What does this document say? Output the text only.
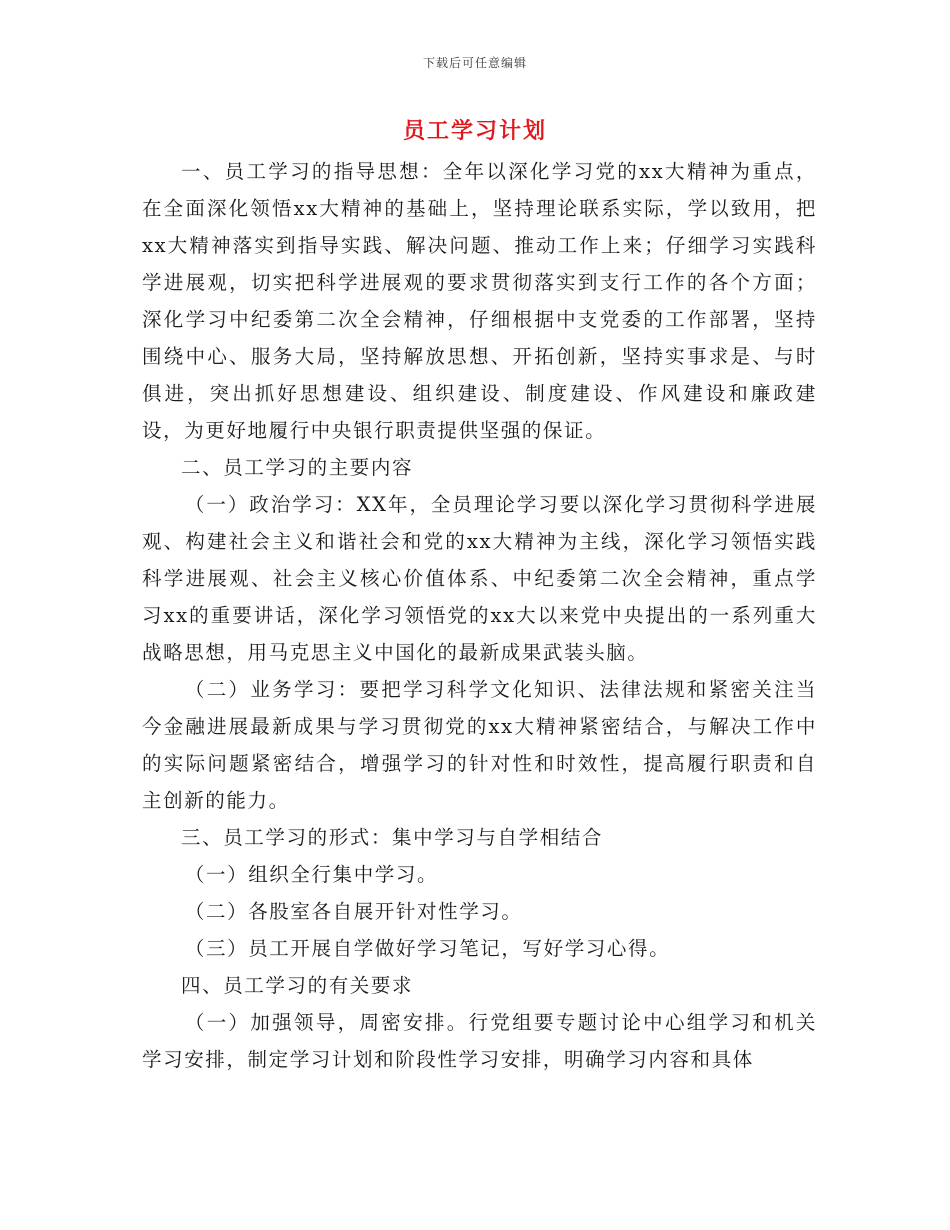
下载后可任意编辑
员工学习计划

一、员工学习的指导思想：全年以深化学习党的xx大精神为重点，在全面深化领悟xx大精神的基础上，坚持理论联系实际，学以致用，把xx大精神落实到指导实践、解决问题、推动工作上来；仔细学习实践科学进展观，切实把科学进展观的要求贯彻落实到支行工作的各个方面；深化学习中纪委第二次全会精神，仔细根据中支党委的工作部署，坚持围绕中心、服务大局，坚持解放思想、开拓创新，坚持实事求是、与时俱进，突出抓好思想建设、组织建设、制度建设、作风建设和廉政建设，为更好地履行中央银行职责提供坚强的保证。

二、员工学习的主要内容

（一）政治学习：XX年，全员理论学习要以深化学习贯彻科学进展观、构建社会主义和谐社会和党的xx大精神为主线，深化学习领悟实践科学进展观、社会主义核心价值体系、中纪委第二次全会精神，重点学习xx的重要讲话，深化学习领悟党的xx大以来党中央提出的一系列重大战略思想，用马克思主义中国化的最新成果武装头脑。

（二）业务学习：要把学习科学文化知识、法律法规和紧密关注当今金融进展最新成果与学习贯彻党的xx大精神紧密结合，与解决工作中的实际问题紧密结合，增强学习的针对性和时效性，提高履行职责和自主创新的能力。

三、员工学习的形式：集中学习与自学相结合

（一）组织全行集中学习。

（二）各股室各自展开针对性学习。

（三）员工开展自学做好学习笔记，写好学习心得。

四、员工学习的有关要求

（一）加强领导，周密安排。行党组要专题讨论中心组学习和机关学习安排，制定学习计划和阶段性学习安排，明确学习内容和具体
